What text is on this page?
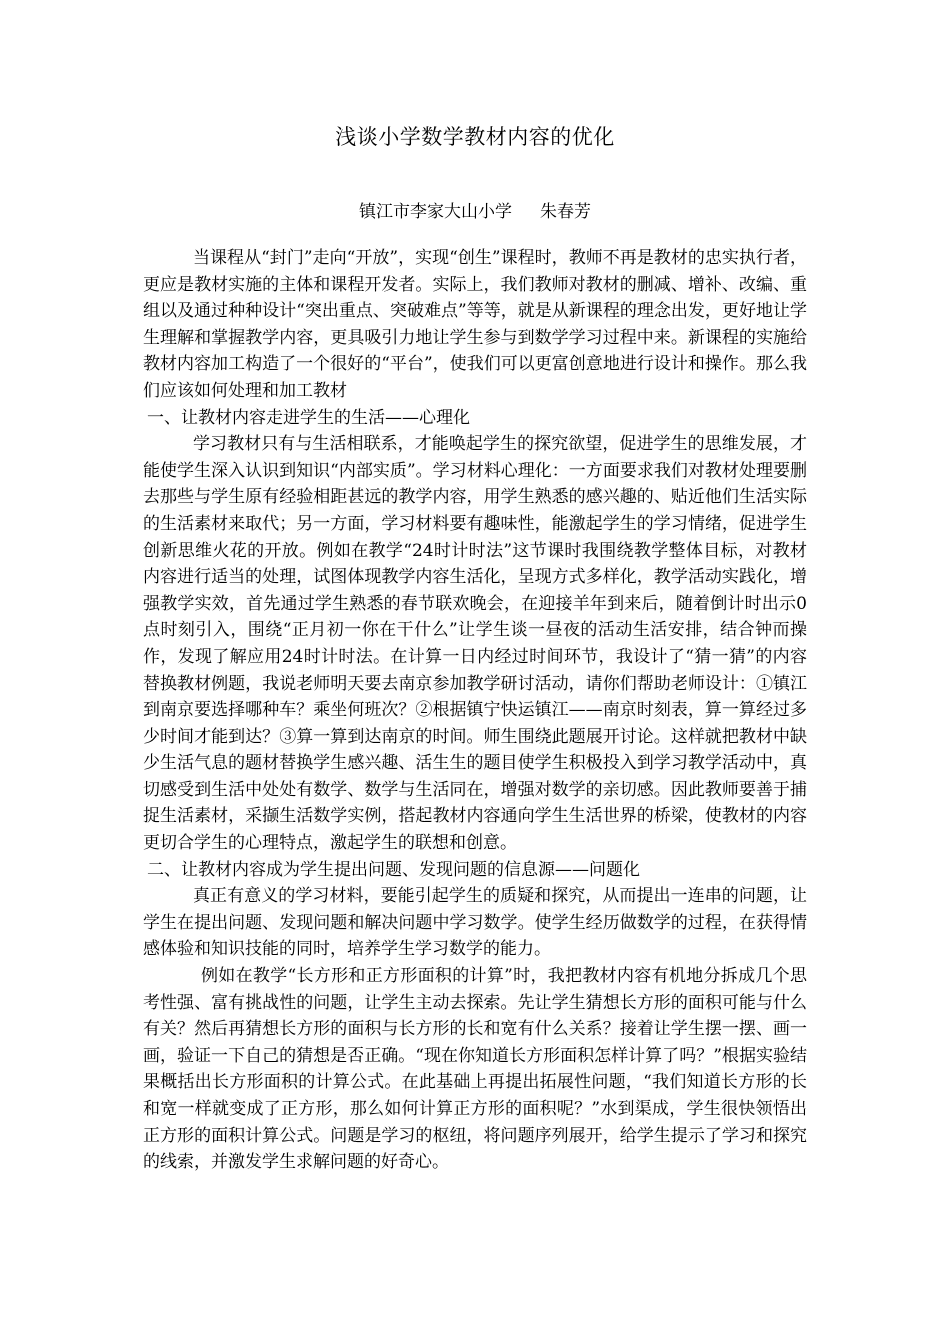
浅谈小学数学教材内容的优化
镇江市李家大山小学 朱春芳

当课程从“封门”走向“开放”，实现“创生”课程时，教师不再是教材的忠实执行者，更应是教材实施的主体和课程开发者。实际上，我们教师对教材的删减、增补、改编、重组以及通过种种设计“突出重点、突破难点”等等，就是从新课程的理念出发，更好地让学生理解和掌握教学内容，更具吸引力地让学生参与到数学学习过程中来。新课程的实施给教材内容加工构造了一个很好的“平台”，使我们可以更富创意地进行设计和操作。那么我们应该如何处理和加工教材

一、让教材内容走进学生的生活——心理化

学习教材只有与生活相联系，才能唤起学生的探究欲望，促进学生的思维发展，才能使学生深入认识到知识“内部实质”。学习材料心理化：一方面要求我们对教材处理要删去那些与学生原有经验相距甚远的教学内容，用学生熟悉的感兴趣的、贴近他们生活实际的生活素材来取代；另一方面，学习材料要有趣味性，能激起学生的学习情绪，促进学生创新思维火花的开放。例如在教学“24时计时法”这节课时我围绕教学整体目标，对教材内容进行适当的处理，试图体现教学内容生活化，呈现方式多样化，教学活动实践化，增强教学实效，首先通过学生熟悉的春节联欢晚会，在迎接羊年到来后，随着倒计时出示0点时刻引入，围绕“正月初一你在干什么”让学生谈一昼夜的活动生活安排，结合钟而操作，发现了解应用24时计时法。在计算一日内经过时间环节，我设计了“猜一猜”的内容替换教材例题，我说老师明天要去南京参加教学研讨活动，请你们帮助老师设计：①镇江到南京要选择哪种车？乘坐何班次？②根据镇宁快运镇江——南京时刻表，算一算经过多少时间才能到达？③算一算到达南京的时间。师生围绕此题展开讨论。这样就把教材中缺少生活气息的题材替换学生感兴趣、活生生的题目使学生积极投入到学习教学活动中，真切感受到生活中处处有数学、数学与生活同在，增强对数学的亲切感。因此教师要善于捕捉生活素材，采撷生活数学实例，搭起教材内容通向学生生活世界的桥梁，使教材的内容更切合学生的心理特点，激起学生的联想和创意。

二、让教材内容成为学生提出问题、发现问题的信息源——问题化

真正有意义的学习材料，要能引起学生的质疑和探究，从而提出一连串的问题，让学生在提出问题、发现问题和解决问题中学习数学。使学生经历做数学的过程，在获得情感体验和知识技能的同时，培养学生学习数学的能力。

例如在教学“长方形和正方形面积的计算”时，我把教材内容有机地分拆成几个思考性强、富有挑战性的问题，让学生主动去探索。先让学生猜想长方形的面积可能与什么有关？然后再猜想长方形的面积与长方形的长和宽有什么关系？接着让学生摆一摆、画一画，验证一下自己的猜想是否正确。“现在你知道长方形面积怎样计算了吗？”根据实验结果概括出长方形面积的计算公式。在此基础上再提出拓展性问题，“我们知道长方形的长和宽一样就变成了正方形，那么如何计算正方形的面积呢？”水到渠成，学生很快领悟出正方形的面积计算公式。问题是学习的枢纽，将问题序列展开，给学生提示了学习和探究的线索，并激发学生求解问题的好奇心。
